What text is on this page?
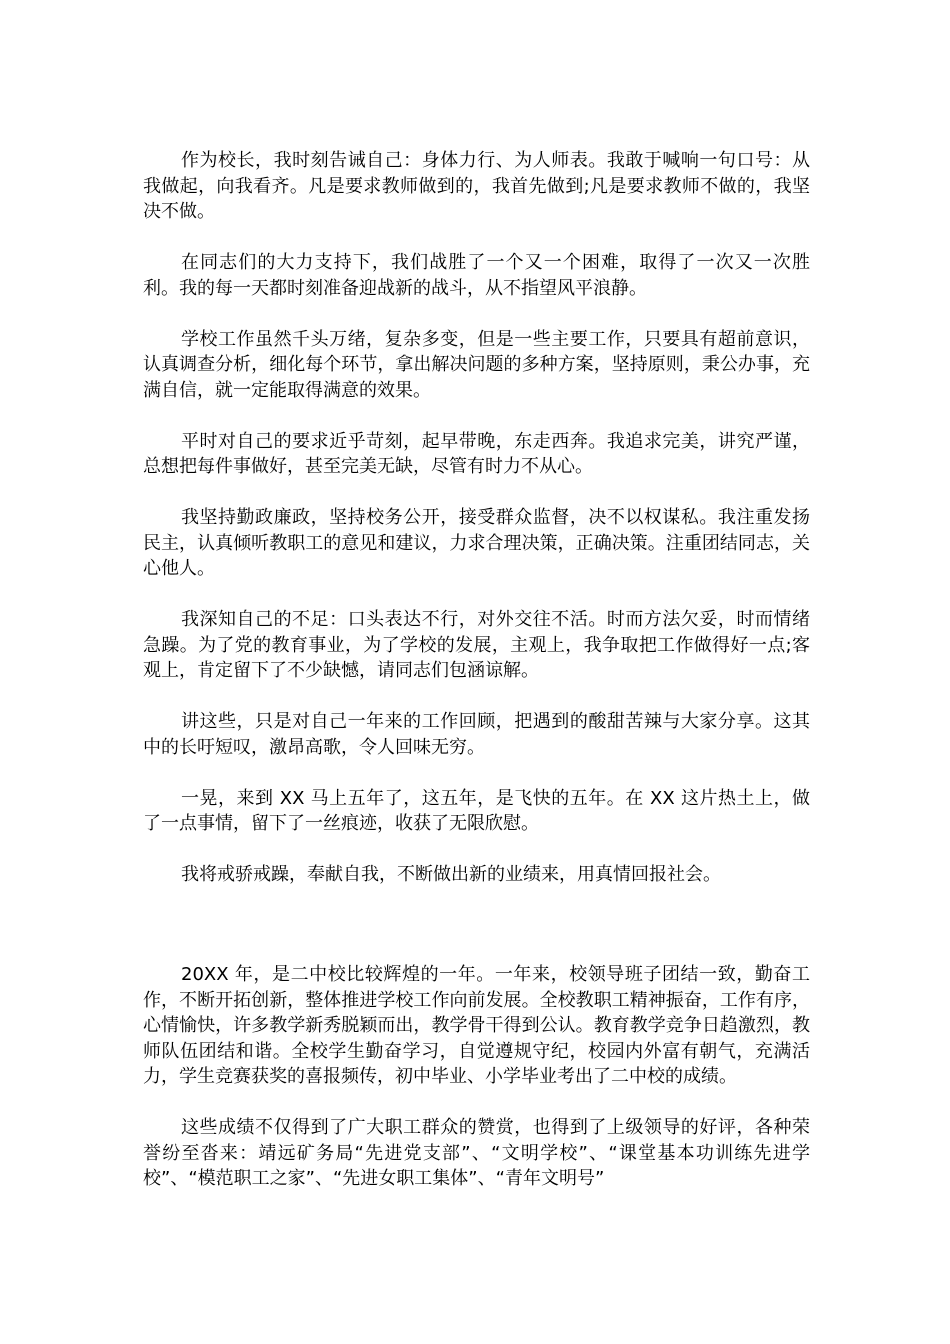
作为校长，我时刻告诫自己：身体力行、为人师表。我敢于喊响一句口号：从我做起，向我看齐。凡是要求教师做到的，我首先做到;凡是要求教师不做的，我坚决不做。

在同志们的大力支持下，我们战胜了一个又一个困难，取得了一次又一次胜利。我的每一天都时刻准备迎战新的战斗，从不指望风平浪静。

学校工作虽然千头万绪，复杂多变，但是一些主要工作，只要具有超前意识，认真调查分析，细化每个环节，拿出解决问题的多种方案，坚持原则，秉公办事，充满自信，就一定能取得满意的效果。

平时对自己的要求近乎苛刻，起早带晚，东走西奔。我追求完美，讲究严谨，总想把每件事做好，甚至完美无缺，尽管有时力不从心。

我坚持勤政廉政，坚持校务公开，接受群众监督，决不以权谋私。我注重发扬民主，认真倾听教职工的意见和建议，力求合理决策，正确决策。注重团结同志，关心他人。

我深知自己的不足：口头表达不行，对外交往不活。时而方法欠妥，时而情绪急躁。为了党的教育事业，为了学校的发展，主观上，我争取把工作做得好一点;客观上，肯定留下了不少缺憾，请同志们包涵谅解。

讲这些，只是对自己一年来的工作回顾，把遇到的酸甜苦辣与大家分享。这其中的长吁短叹，激昂高歌，令人回味无穷。

一晃，来到 XX 马上五年了，这五年，是飞快的五年。在 XX 这片热土上，做了一点事情，留下了一丝痕迹，收获了无限欣慰。

我将戒骄戒躁，奉献自我，不断做出新的业绩来，用真情回报社会。

20XX 年，是二中校比较辉煌的一年。一年来，校领导班子团结一致，勤奋工作，不断开拓创新，整体推进学校工作向前发展。全校教职工精神振奋，工作有序，心情愉快，许多教学新秀脱颖而出，教学骨干得到公认。教育教学竞争日趋激烈，教师队伍团结和谐。全校学生勤奋学习，自觉遵规守纪，校园内外富有朝气，充满活力，学生竞赛获奖的喜报频传，初中毕业、小学毕业考出了二中校的成绩。

这些成绩不仅得到了广大职工群众的赞赏，也得到了上级领导的好评，各种荣誉纷至沓来：靖远矿务局“先进党支部”、“文明学校”、“课堂基本功训练先进学校”、“模范职工之家”、“先进女职工集体”、“青年文明号”
